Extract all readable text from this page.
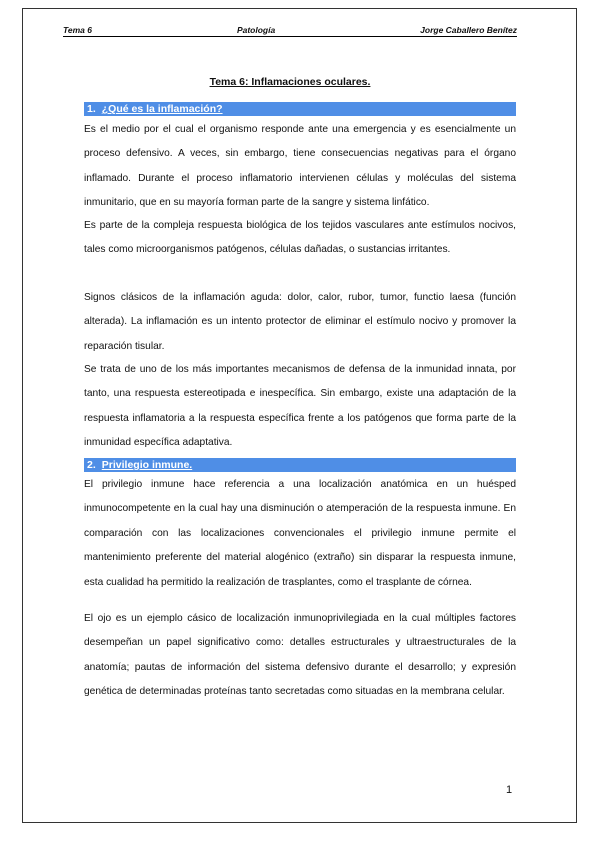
Tema 6	Patología	Jorge Caballero Benítez
Tema 6: Inflamaciones oculares.
1. ¿Qué es la inflamación?

Es el medio por el cual el organismo responde ante una emergencia y es esencialmente un proceso defensivo. A veces, sin embargo, tiene consecuencias negativas para el órgano inflamado. Durante el proceso inflamatorio intervienen células y moléculas del sistema inmunitario, que en su mayoría forman parte de la sangre y sistema linfático.

Es parte de la compleja respuesta biológica de los tejidos vasculares ante estímulos nocivos, tales como microorganismos patógenos, células dañadas, o sustancias irritantes.

Signos clásicos de la inflamación aguda: dolor, calor, rubor, tumor, functio laesa (función alterada). La inflamación es un intento protector de eliminar el estímulo nocivo y promover la reparación tisular.

Se trata de uno de los más importantes mecanismos de defensa de la inmunidad innata, por tanto, una respuesta estereotipada e inespecífica. Sin embargo, existe una adaptación de la respuesta inflamatoria a la respuesta específica frente a los patógenos que forma parte de la inmunidad específica adaptativa.

2. Privilegio inmune.

El privilegio inmune hace referencia a una localización anatómica en un huésped inmunocompetente en la cual hay una disminución o atemperación de la respuesta inmune. En comparación con las localizaciones convencionales el privilegio inmune permite el mantenimiento preferente del material alogénico (extraño) sin disparar la respuesta inmune, esta cualidad ha permitido la realización de trasplantes, como el trasplante de córnea.

El ojo es un ejemplo cásico de localización inmunoprivilegiada en la cual múltiples factores desempeñan un papel significativo como: detalles estructurales y ultraestructurales de la anatomía; pautas de información del sistema defensivo durante el desarrollo; y expresión genética de determinadas proteínas tanto secretadas como situadas en la membrana celular.

1
